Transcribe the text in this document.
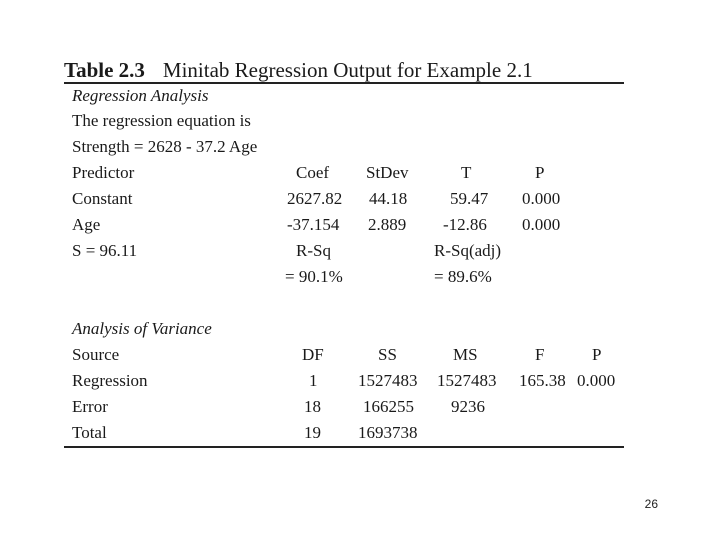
Table 2.3 Minitab Regression Output for Example 2.1
Regression Analysis
The regression equation is
Strength = 2628 - 37.2 Age
Predictor	Coef StDev	T	P
Constant	2627.82 44.18	59.47 0.000
Age	-37.154 2.889 -12.86 0.000
S = 96.11	R-Sq	R-Sq(adj)
= 90.1%	= 89.6%
Analysis of Variance
Source	DF	SS	MS	F	P
Regression	1 1527483 1527483 165.38 0.000
Error	18 166255 9236
Total	19 1693738
26
